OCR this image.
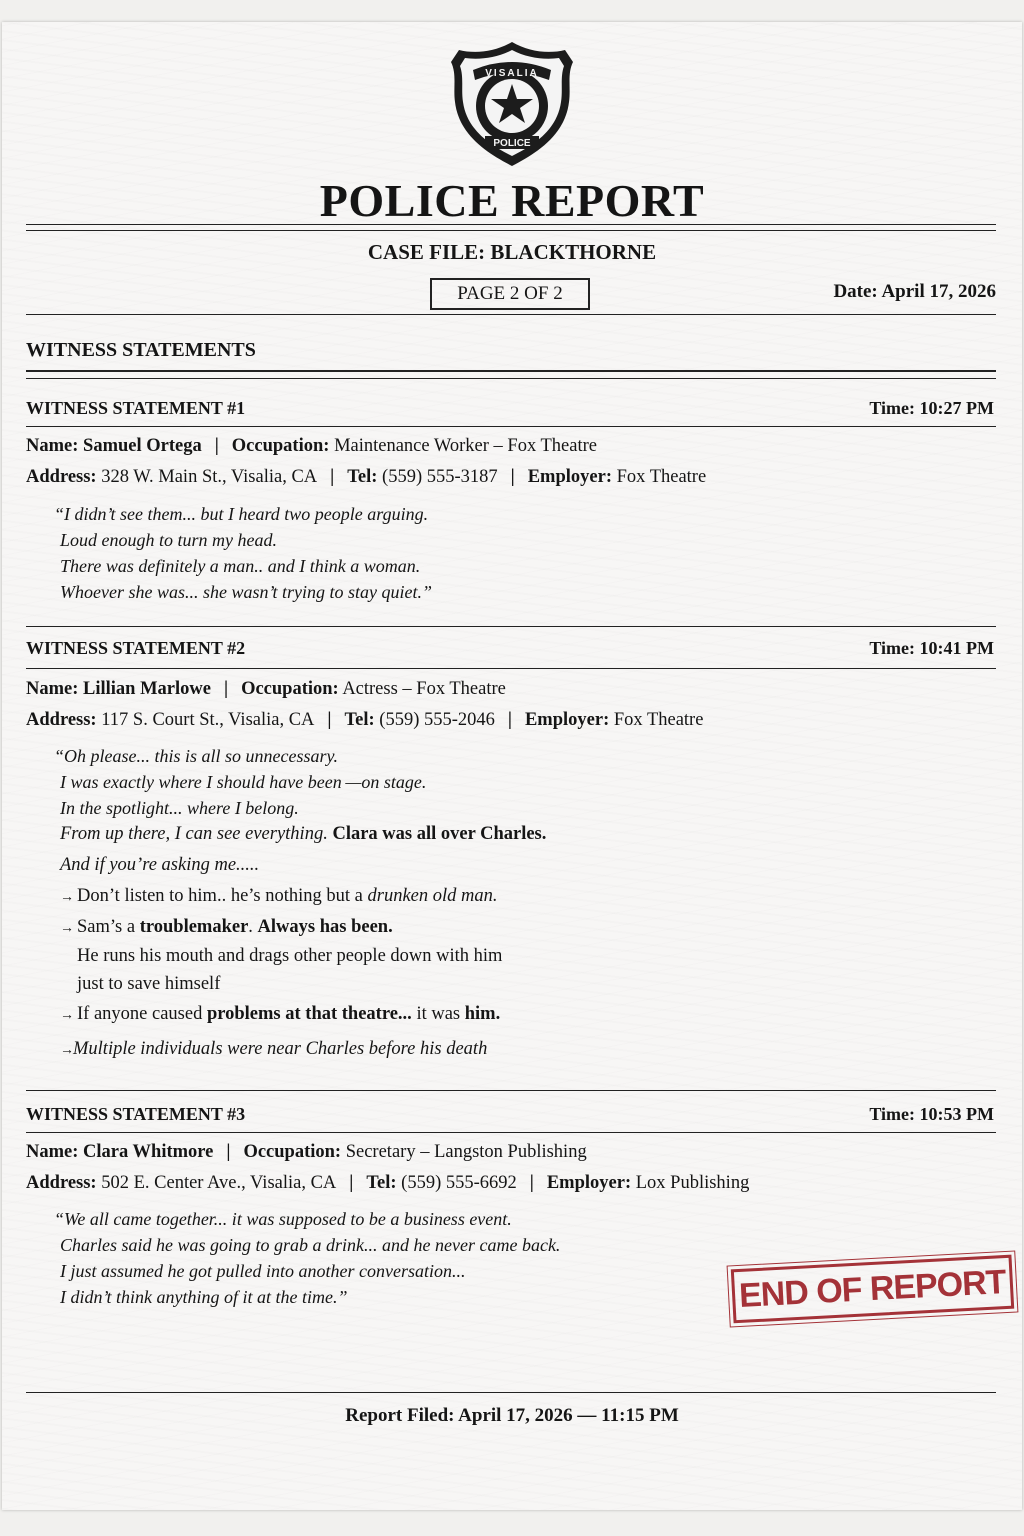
VISALIA
POLICE
POLICE REPORT
CASE FILE: BLACKTHORNE
PAGE 2 OF 2	Date: April 17, 2026
WITNESS STATEMENTS
WITNESS STATEMENT #1	Time: 10:27 PM
Name: Samuel Ortega | Occupation: Maintenance Worker – Fox Theatre
Address: 328 W. Main St., Visalia, CA | Tel: (559) 555-3187 | Employer: Fox Theatre
“I didn’t see them... but I heard two people arguing.
Loud enough to turn my head.
There was definitely a man.. and I think a woman.
Whoever she was... she wasn’t trying to stay quiet.”
WITNESS STATEMENT #2	Time: 10:41 PM
Name: Lillian Marlowe | Occupation: Actress – Fox Theatre
Address: 117 S. Court St., Visalia, CA | Tel: (559) 555-2046 | Employer: Fox Theatre
“Oh please... this is all so unnecessary.
I was exactly where I should have been —on stage.
In the spotlight... where I belong.
From up there, I can see everything. Clara was all over Charles.
And if you’re asking me.....
→ Don’t listen to him.. he’s nothing but a drunken old man.
→ Sam’s a troublemaker. Always has been.
He runs his mouth and drags other people down with him
just to save himself
→ If anyone caused problems at that theatre... it was him.
→Multiple individuals were near Charles before his death
WITNESS STATEMENT #3	Time: 10:53 PM
Name: Clara Whitmore | Occupation: Secretary – Langston Publishing
Address: 502 E. Center Ave., Visalia, CA | Tel: (559) 555-6692 | Employer: Lox Publishing
“We all came together... it was supposed to be a business event.
Charles said he was going to grab a drink... and he never came back.
I just assumed he got pulled into another conversation...
I didn’t think anything of it at the time.”	END OF REPORT
Report Filed: April 17, 2026 — 11:15 PM
